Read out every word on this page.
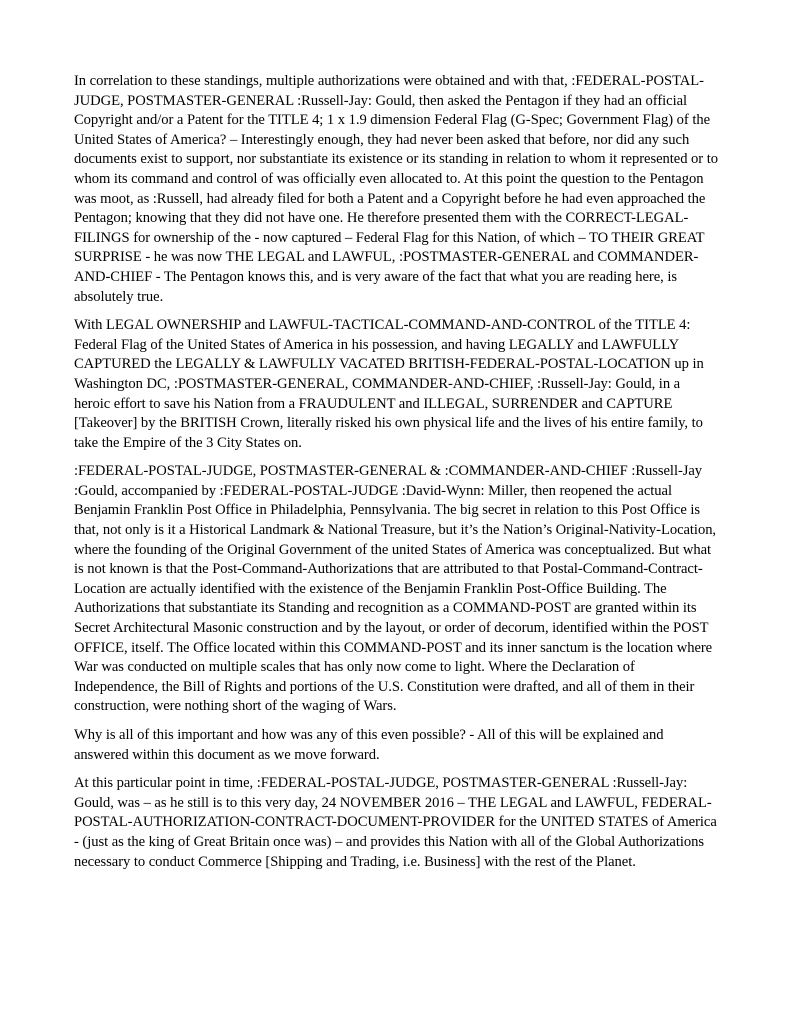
In correlation to these standings, multiple authorizations were obtained and with that, :FEDERAL-POSTAL-JUDGE, POSTMASTER-GENERAL :Russell-Jay: Gould, then asked the Pentagon if they had an official Copyright and/or a Patent for the TITLE 4; 1 x 1.9 dimension Federal Flag (G-Spec; Government Flag) of the United States of America? – Interestingly enough, they had never been asked that before, nor did any such documents exist to support, nor substantiate its existence or its standing in relation to whom it represented or to whom its command and control of was officially even allocated to. At this point the question to the Pentagon was moot, as :Russell, had already filed for both a Patent and a Copyright before he had even approached the Pentagon; knowing that they did not have one. He therefore presented them with the CORRECT-LEGAL-FILINGS for ownership of the - now captured – Federal Flag for this Nation, of which – TO THEIR GREAT SURPRISE - he was now THE LEGAL and LAWFUL, :POSTMASTER-GENERAL and COMMANDER-AND-CHIEF - The Pentagon knows this, and is very aware of the fact that what you are reading here, is absolutely true.

With LEGAL OWNERSHIP and LAWFUL-TACTICAL-COMMAND-AND-CONTROL of the TITLE 4: Federal Flag of the United States of America in his possession, and having LEGALLY and LAWFULLY CAPTURED the LEGALLY & LAWFULLY VACATED BRITISH-FEDERAL-POSTAL-LOCATION up in Washington DC, :POSTMASTER-GENERAL, COMMANDER-AND-CHIEF, :Russell-Jay: Gould, in a heroic effort to save his Nation from a FRAUDULENT and ILLEGAL, SURRENDER and CAPTURE [Takeover] by the BRITISH Crown, literally risked his own physical life and the lives of his entire family, to take the Empire of the 3 City States on.

:FEDERAL-POSTAL-JUDGE, POSTMASTER-GENERAL & :COMMANDER-AND-CHIEF :Russell-Jay :Gould, accompanied by :FEDERAL-POSTAL-JUDGE :David-Wynn: Miller, then reopened the actual Benjamin Franklin Post Office in Philadelphia, Pennsylvania. The big secret in relation to this Post Office is that, not only is it a Historical Landmark & National Treasure, but it’s the Nation’s Original-Nativity-Location, where the founding of the Original Government of the united States of America was conceptualized. But what is not known is that the Post-Command-Authorizations that are attributed to that Postal-Command-Contract-Location are actually identified with the existence of the Benjamin Franklin Post-Office Building. The Authorizations that substantiate its Standing and recognition as a COMMAND-POST are granted within its Secret Architectural Masonic construction and by the layout, or order of decorum, identified within the POST OFFICE, itself. The Office located within this COMMAND-POST and its inner sanctum is the location where War was conducted on multiple scales that has only now come to light. Where the Declaration of Independence, the Bill of Rights and portions of the U.S. Constitution were drafted, and all of them in their construction, were nothing short of the waging of Wars.

Why is all of this important and how was any of this even possible? - All of this will be explained and answered within this document as we move forward.

At this particular point in time, :FEDERAL-POSTAL-JUDGE, POSTMASTER-GENERAL :Russell-Jay: Gould, was – as he still is to this very day, 24 NOVEMBER 2016 – THE LEGAL and LAWFUL, FEDERAL-POSTAL-AUTHORIZATION-CONTRACT-DOCUMENT-PROVIDER for the UNITED STATES of America - (just as the king of Great Britain once was) – and provides this Nation with all of the Global Authorizations necessary to conduct Commerce [Shipping and Trading, i.e. Business] with the rest of the Planet.
